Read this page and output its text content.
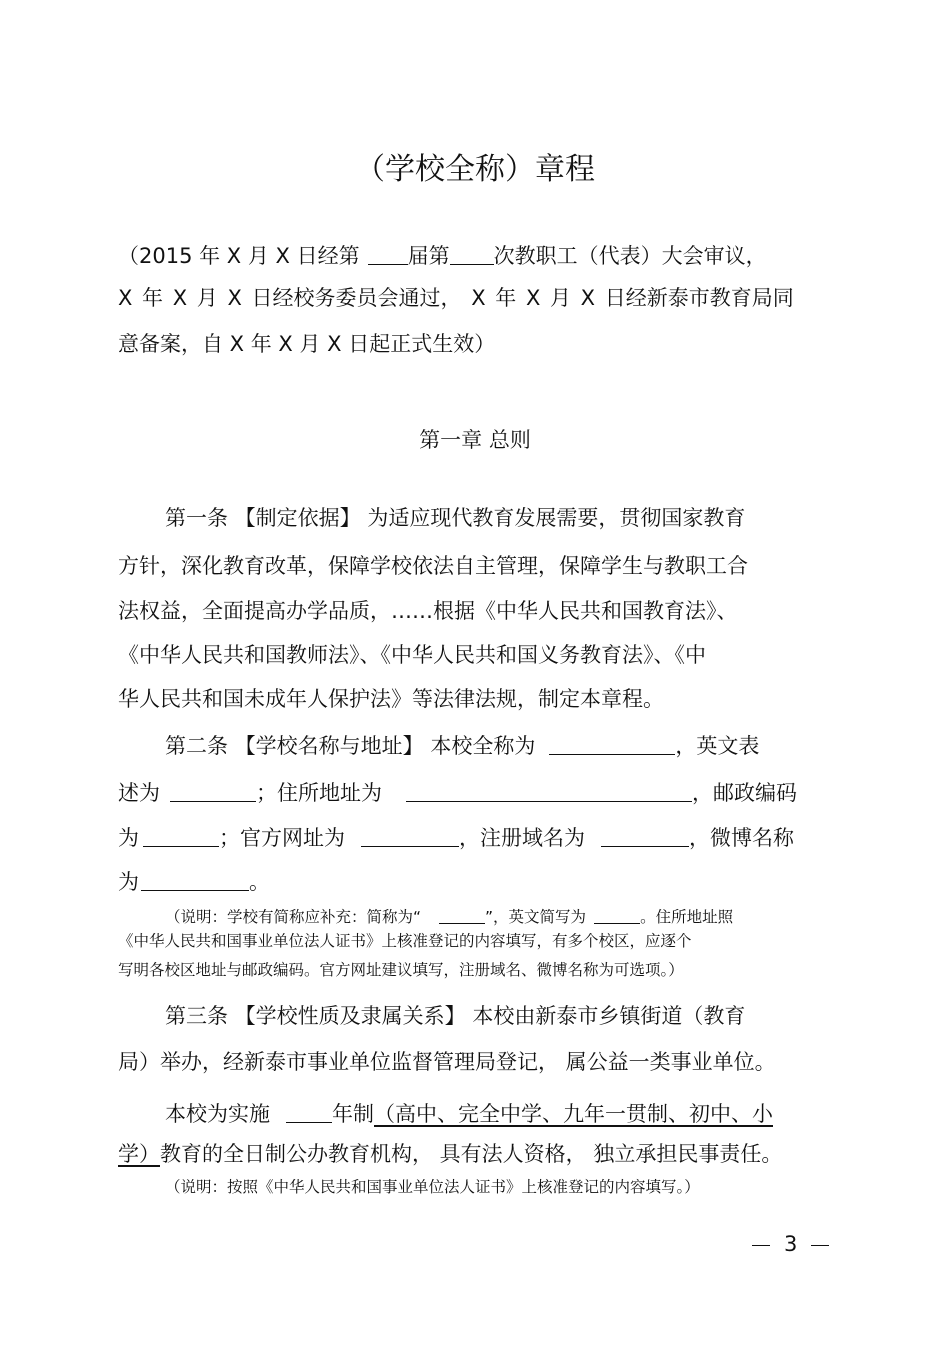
（学校全称）章程
（2015 年 X 月 X 日经第 届第 次教职工（代表）大会审议，
X 年 X 月 X 日经校务委员会通过， X 年 X 月 X 日经新泰市教育局同
意备案，自 X 年 X 月 X 日起正式生效）
第一章 总则
第一条 【制定依据】 为适应现代教育发展需要，贯彻国家教育
方针，深化教育改革，保障学校依法自主管理，保障学生与教职工合
法权益，全面提高办学品质，……根据《中华人民共和国教育法》、
《中华人民共和国教师法》、《中华人民共和国义务教育法》、《中
华人民共和国未成年人保护法》等法律法规，制定本章程。
第二条 【学校名称与地址】 本校全称为	，英文表
述为	；住所地址为	，邮政编码
为	；官方网址为	，注册域名为	，微博名称
为	。
（说明：学校有简称应补充：简称为“	”，英文简写为	。住所地址照
《中华人民共和国事业单位法人证书》上核准登记的内容填写，有多个校区，应逐个
写明各校区地址与邮政编码。官方网址建议填写，注册域名、微博名称为可选项。）
第三条 【学校性质及隶属关系】 本校由新泰市乡镇街道（教育
局）举办，经新泰市事业单位监督管理局登记， 属公益一类事业单位。
本校为实施	年制（高中、完全中学、九年一贯制、初中、小
学）教育的全日制公办教育机构， 具有法人资格， 独立承担民事责任。
（说明：按照《中华人民共和国事业单位法人证书》上核准登记的内容填写。）
3
